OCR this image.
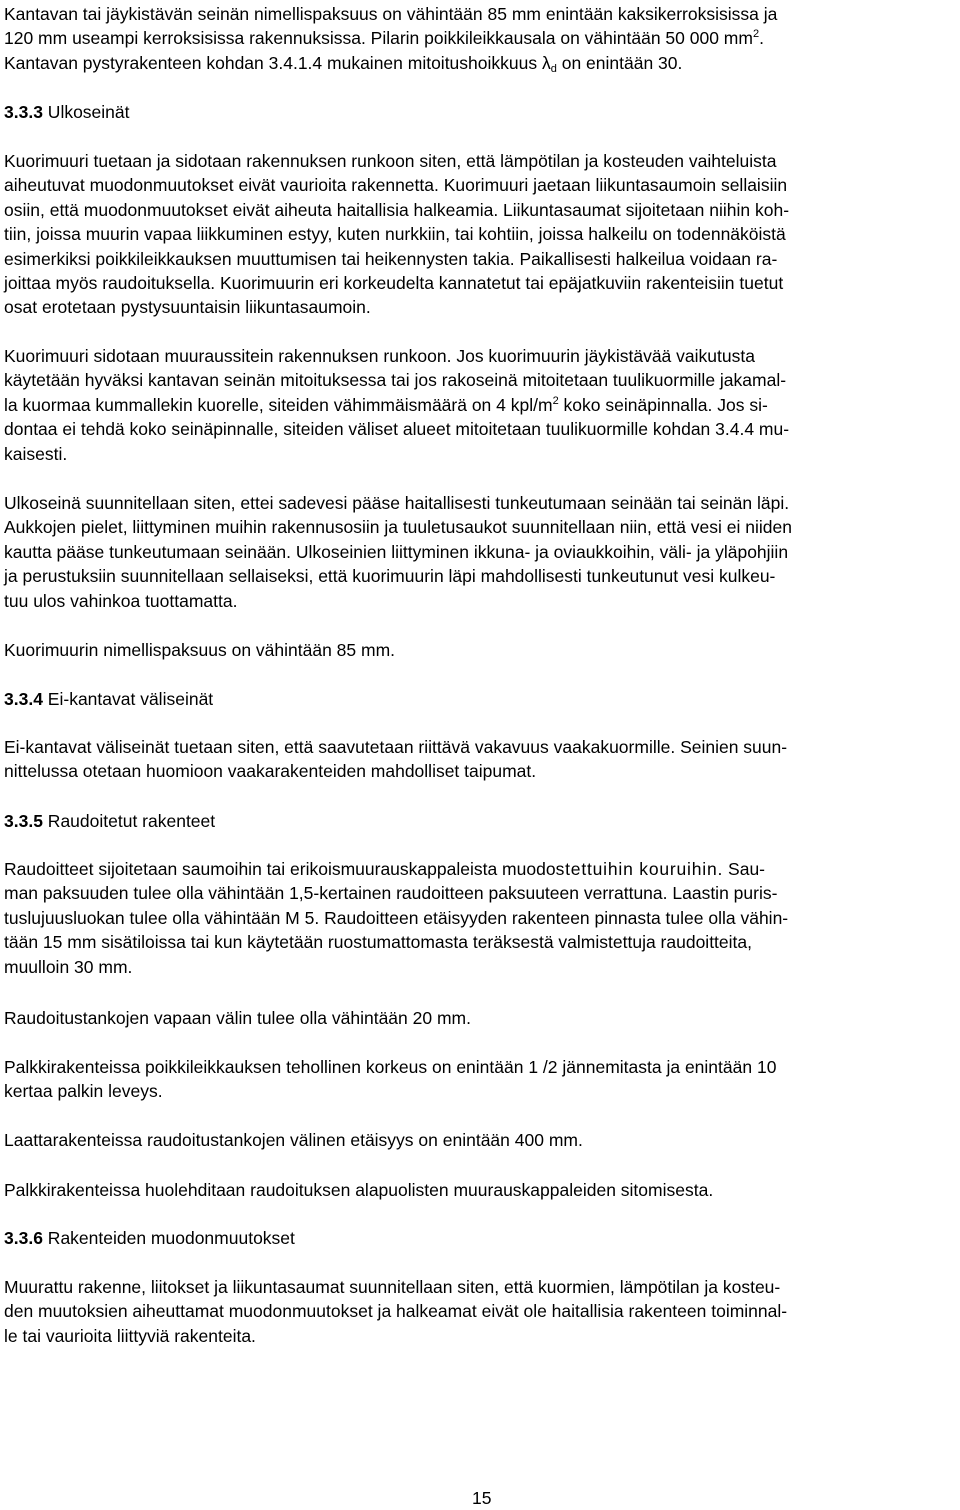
Kantavan tai jäykistävän seinän nimellispaksuus on vähintään 85 mm enintään kaksikerroksisissa ja

120 mm useampi kerroksisissa rakennuksissa. Pilarin poikkileikkausala on vähintään 50 000 $mm^2$.

Kantavan pystyrakenteen kohdan 3.4.1.4 mukainen mitoitushoikkuus $\lambda_d$ on enintään 30.

3.3.3 Ulkoseinät

Kuorimuuri tuetaan ja sidotaan rakennuksen runkoon siten, että lämpötilan ja kosteuden vaihteluista

aiheutuvat muodonmuutokset eivät vaurioita rakennetta. Kuorimuuri jaetaan liikuntasaumoin sellaisiin

osiin, että muodonmuutokset eivät aiheuta haitallisia halkeamia. Liikuntasaumat sijoitetaan niihin koh-

tiin, joissa muurin vapaa liikkuminen estyy, kuten nurkkiin, tai kohtiin, joissa halkeilu on todennäköistä

esimerkiksi poikkileikkauksen muuttumisen tai heikennysten takia. Paikallisesti halkeilua voidaan ra-

joittaa myös raudoituksella. Kuorimuurin eri korkeudelta kannatetut tai epäjatkuviin rakenteisiin tuetut

osat erotetaan pystysuuntaisin liikuntasaumoin.

Kuorimuuri sidotaan muuraussitein rakennuksen runkoon. Jos kuorimuurin jäykistävää vaikutusta

käytetään hyväksi kantavan seinän mitoituksessa tai jos rakoseinä mitoitetaan tuulikuormille jakamal-

la kuormaa kummallekin kuorelle, siteiden vähimmäismäärä on 4 kpl/$m^2$ koko seinäpinnalla. Jos si-

dontaa ei tehdä koko seinäpinnalle, siteiden väliset alueet mitoitetaan tuulikuormille kohdan 3.4.4 mu-

kaisesti.

Ulkoseinä suunnitellaan siten, ettei sadevesi pääse haitallisesti tunkeutumaan seinään tai seinän läpi.

Aukkojen pielet, liittyminen muihin rakennusosiin ja tuuletusaukot suunnitellaan niin, että vesi ei niiden

kautta pääse tunkeutumaan seinään. Ulkoseinien liittyminen ikkuna- ja oviaukkoihin, väli- ja yläpohjiin

ja perustuksiin suunnitellaan sellaiseksi, että kuorimuurin läpi mahdollisesti tunkeutunut vesi kulkeu-

tuu ulos vahinkoa tuottamatta.

Kuorimuurin nimellispaksuus on vähintään 85 mm.

3.3.4 Ei-kantavat väliseinät

Ei-kantavat väliseinät tuetaan siten, että saavutetaan riittävä vakavuus vaakakuormille. Seinien suun-

nittelussa otetaan huomioon vaakarakenteiden mahdolliset taipumat.

3.3.5 Raudoitetut rakenteet

Raudoitteet sijoitetaan saumoihin tai erikoismuurauskappaleista muodostettuihin kouruihin. Sau-

man paksuuden tulee olla vähintään 1,5-kertainen raudoitteen paksuuteen verrattuna. Laastin puris-

tuslujuusluokan tulee olla vähintään M 5. Raudoitteen etäisyyden rakenteen pinnasta tulee olla vähin-

tään 15 mm sisätiloissa tai kun käytetään ruostumattomasta teräksestä valmistettuja raudoitteita,

muulloin 30 mm.

Raudoitustankojen vapaan välin tulee olla vähintään 20 mm.

Palkkirakenteissa poikkileikkauksen tehollinen korkeus on enintään 1 /2 jännemitasta ja enintään 10

kertaa palkin leveys.

Laattarakenteissa raudoitustankojen välinen etäisyys on enintään 400 mm.

Palkkirakenteissa huolehditaan raudoituksen alapuolisten muurauskappaleiden sitomisesta.

3.3.6 Rakenteiden muodonmuutokset

Muurattu rakenne, liitokset ja liikuntasaumat suunnitellaan siten, että kuormien, lämpötilan ja kosteu-

den muutoksien aiheuttamat muodonmuutokset ja halkeamat eivät ole haitallisia rakenteen toiminnal-

le tai vaurioita liittyviä rakenteita.

15
